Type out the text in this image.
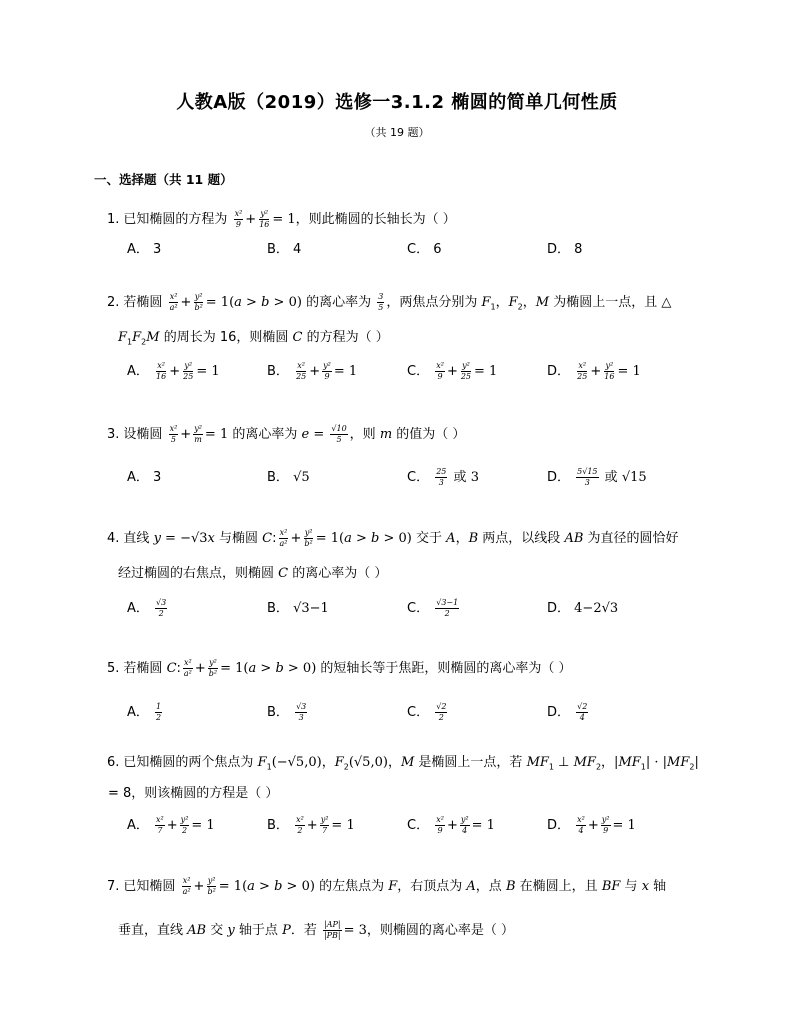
人教A版（2019）选修一3.1.2 椭圆的简单几何性质
（共 19 题）
一、选择题（共 11 题）
1. 已知椭圆的方程为 $\frac{\text{x²}}{9} + \frac{\text{y²}}{16} = 1$，则此椭圆的长轴长为（ ）
A． 3	B． 4	C． 6	D． 8
2. 若椭圆 $\frac{\text{x²}}{\text{a²}} + \frac{\text{y²}}{\text{b²}} = 1(a > b > 0)$ 的离心率为 $\frac{3}{5}$ ，两焦点分别为 $F_1$，$F_2$，M 为椭圆上一点，且 △
$F_1F_2M$ 的周长为 16，则椭圆 C 的方程为（ ）
A． $\frac{\text{x²}}{16} + \frac{\text{y²}}{25} = 1$	B． $\frac{\text{x²}}{25} + \frac{\text{y²}}{9} = 1$	C． $\frac{\text{x²}}{9} + \frac{\text{y²}}{25} = 1$	D． $\frac{\text{x²}}{25} + \frac{\text{y²}}{16} = 1$
3. 设椭圆 $\frac{\text{x²}}{5} + \frac{\text{y²}}{m} = 1$ 的离心率为 $e = \frac{√10}{5}$ ，则 m 的值为（ ）
A． 3	B． √5	C． $\frac{25}{3}$ 或 3	D． $\frac{5√15}{3}$ 或 √15
4. 直线 y = −√3x 与椭圆 C: $\frac{\text{x²}}{\text{a²}} + \frac{\text{y²}}{\text{b²}} = 1(a > b > 0)$ 交于 A，B 两点，以线段 AB 为直径的圆恰好
经过椭圆的右焦点，则椭圆 C 的离心率为（ ）
A． $\frac{√3}{2}$	B． √3−1	C． $\frac{√3-1}{2}$	D． 4−2√3
5. 若椭圆 C: $\frac{\text{x²}}{\text{a²}} + \frac{\text{y²}}{\text{b²}} = 1(a > b > 0)$ 的短轴长等于焦距，则椭圆的离心率为（ ）
A． $\frac{1}{2}$	B． $\frac{√3}{3}$	C． $\frac{√2}{2}$	D． $\frac{√2}{4}$
6. 已知椭圆的两个焦点为 $F_1(-√5,0)$，$F_2(√5,0)$，M 是椭圆上一点，若 $MF_1$ ⊥ $MF_2$，$|MF_1| \cdot |MF_2|$
= 8，则该椭圆的方程是（ ）
A． $\frac{\text{x²}}{7} + \frac{\text{y²}}{2} = 1$	B． $\frac{\text{x²}}{2} + \frac{\text{y²}}{7} = 1$	C． $\frac{\text{x²}}{9} + \frac{\text{y²}}{4} = 1$	D． $\frac{\text{x²}}{4} + \frac{\text{y²}}{9} = 1$
7. 已知椭圆 $\frac{\text{x²}}{\text{a²}} + \frac{\text{y²}}{\text{b²}} = 1(a > b > 0)$ 的左焦点为 F，右顶点为 A，点 B 在椭圆上，且 BF 与 x 轴
垂直，直线 AB 交 y 轴于点 P．若 $\frac{|AP|}{|PB|} = 3$，则椭圆的离心率是（ ）
